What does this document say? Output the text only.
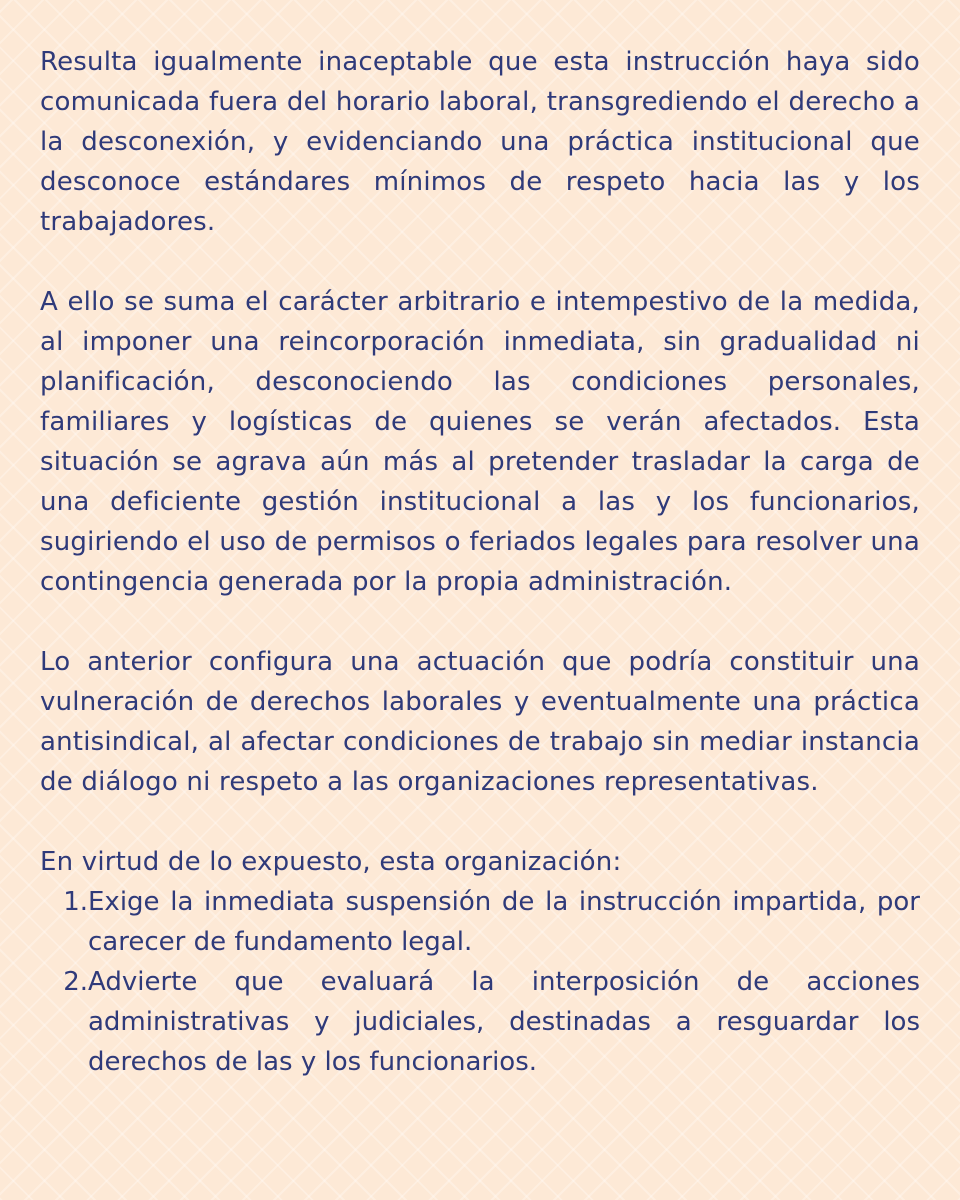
Resulta igualmente inaceptable que esta instrucción haya sido comunicada fuera del horario laboral, transgrediendo el derecho a la desconexión, y evidenciando una práctica institucional que desconoce estándares mínimos de respeto hacia las y los trabajadores.

A ello se suma el carácter arbitrario e intempestivo de la medida, al imponer una reincorporación inmediata, sin gradualidad ni planificación, desconociendo las condiciones personales, familiares y logísticas de quienes se verán afectados. Esta situación se agrava aún más al pretender trasladar la carga de una deficiente gestión institucional a las y los funcionarios, sugiriendo el uso de permisos o feriados legales para resolver una contingencia generada por la propia administración.

Lo anterior configura una actuación que podría constituir una vulneración de derechos laborales y eventualmente una práctica antisindical, al afectar condiciones de trabajo sin mediar instancia de diálogo ni respeto a las organizaciones representativas.

En virtud de lo expuesto, esta organización:

1. Exige la inmediata suspensión de la instrucción impartida, por carecer de fundamento legal.
2. Advierte que evaluará la interposición de acciones administrativas y judiciales, destinadas a resguardar los derechos de las y los funcionarios.
